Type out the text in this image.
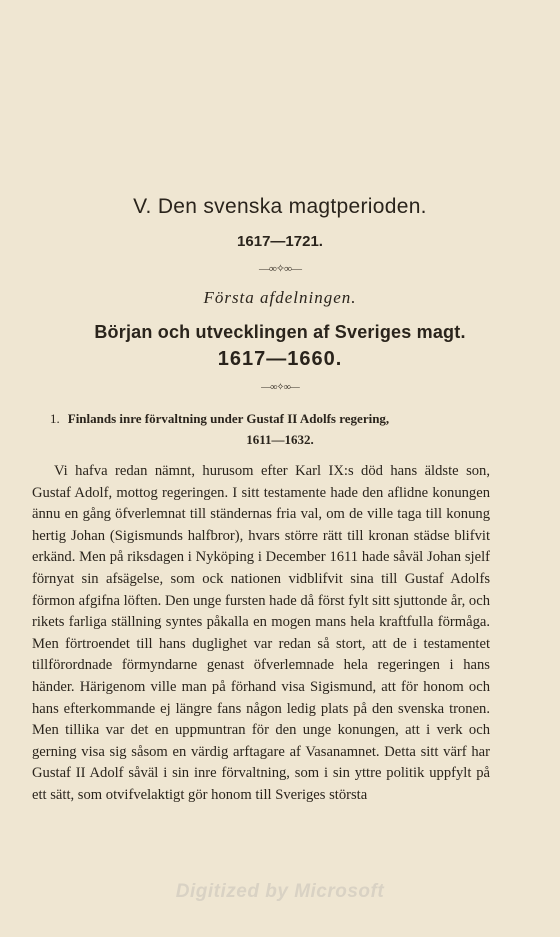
V. Den svenska magtperioden.
1617—1721.
—∞✧∞—
Första afdelningen.
Början och utvecklingen af Sveriges magt.
1617—1660.
—∞✧∞—
1. Finlands inre förvaltning under Gustaf II Adolfs regering,
1611—1632.

Vi hafva redan nämnt, hurusom efter Karl IX:s död hans äldste son, Gustaf Adolf, mottog regeringen. I sitt testamente hade den aflidne konungen ännu en gång öfverlemnat till ständernas fria val, om de ville taga till konung hertig Johan (Sigismunds halfbror), hvars större rätt till kronan städse blifvit erkänd. Men på riksdagen i Nyköping i December 1611 hade såväl Johan sjelf förnyat sin afsägelse, som ock nationen vidblifvit sina till Gustaf Adolfs förmon afgifna löften. Den unge fursten hade då först fylt sitt sjuttonde år, och rikets farliga ställning syntes påkalla en mogen mans hela kraftfulla förmåga. Men förtroendet till hans duglighet var redan så stort, att de i testamentet tillförordnade förmyndarne genast öfverlemnade hela regeringen i hans händer. Härigenom ville man på förhand visa Sigismund, att för honom och hans efterkommande ej längre fans någon ledig plats på den svenska tronen. Men tillika var det en uppmuntran för den unge konungen, att i verk och gerning visa sig såsom en värdig arftagare af Vasanamnet. Detta sitt värf har Gustaf II Adolf såväl i sin inre förvaltning, som i sin yttre politik uppfylt på ett sätt, som otvifvelaktigt gör honom till Sveriges största

Digitized by Microsoft
